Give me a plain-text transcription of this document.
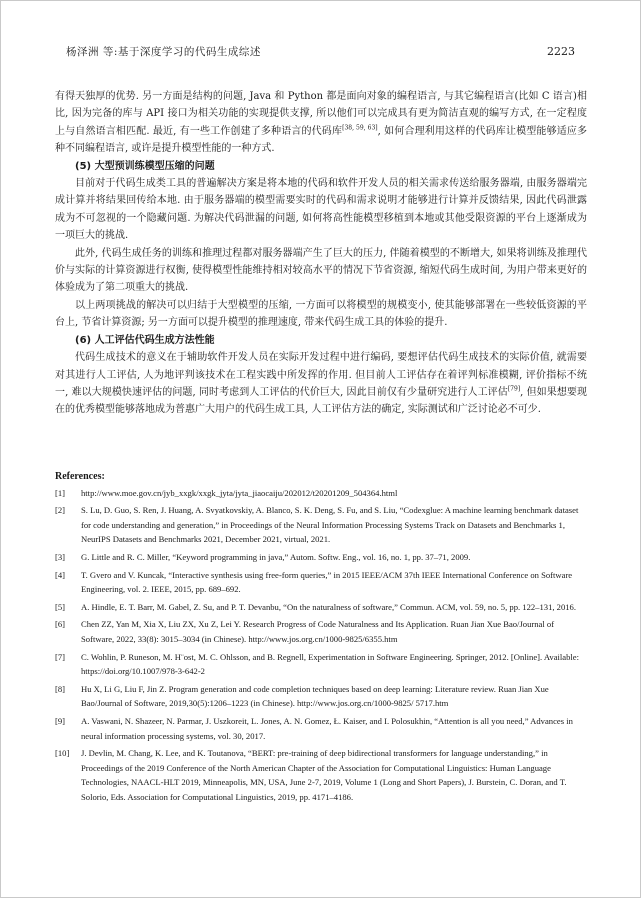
杨泽洲 等:基于深度学习的代码生成综述	2223

有得天独厚的优势. 另一方面是结构的问题, Java 和 Python 都是面向对象的编程语言, 与其它编程语言(比如 C 语言)相比, 因为完备的库与 API 接口为相关功能的实现提供支撑, 所以他们可以完成具有更为简洁直观的编写方式, 在一定程度上与自然语言相匹配. 最近, 有一些工作创建了多种语言的代码库[38, 59, 63], 如何合理利用这样的代码库让模型能够适应多种不同编程语言, 或许是提升模型性能的一种方式.

(5) 大型预训练模型压缩的问题

目前对于代码生成类工具的普遍解决方案是将本地的代码和软件开发人员的相关需求传送给服务器端, 由服务器端完成计算并将结果回传给本地. 由于服务器端的模型需要实时的代码和需求说明才能够进行计算并反馈结果, 因此代码泄露成为不可忽视的一个隐藏问题. 为解决代码泄漏的问题, 如何将高性能模型移植到本地或其他受限资源的平台上逐渐成为一项巨大的挑战.

此外, 代码生成任务的训练和推理过程都对服务器端产生了巨大的压力, 伴随着模型的不断增大, 如果将训练及推理代价与实际的计算资源进行权衡, 使得模型性能维持相对较高水平的情况下节省资源, 缩短代码生成时间, 为用户带来更好的体验成为了第二项重大的挑战.

以上两项挑战的解决可以归结于大型模型的压缩, 一方面可以将模型的规模变小, 使其能够部署在一些较低资源的平台上, 节省计算资源; 另一方面可以提升模型的推理速度, 带来代码生成工具的体验的提升.

(6) 人工评估代码生成方法性能

代码生成技术的意义在于辅助软件开发人员在实际开发过程中进行编码, 要想评估代码生成技术的实际价值, 就需要对其进行人工评估, 人为地评判该技术在工程实践中所发挥的作用. 但目前人工评估存在着评判标准模糊, 评价指标不统一, 难以大规模快速评估的问题, 同时考虑到人工评估的代价巨大, 因此目前仅有少量研究进行人工评估[79], 但如果想要现在的优秀模型能够落地成为普惠广大用户的代码生成工具, 人工评估方法的确定, 实际测试和广泛讨论必不可少.

References:

[1]	http://www.moe.gov.cn/jyb_xxgk/xxgk_jyta/jyta_jiaocaiju/202012/t20201209_504364.html
[2]	S. Lu, D. Guo, S. Ren, J. Huang, A. Svyatkovskiy, A. Blanco, S. K. Deng, S. Fu, and S. Liu, “Codexglue: A machine learning benchmark dataset for code understanding and generation,” in Proceedings of the Neural Information Processing Systems Track on Datasets and Benchmarks 1, NeurIPS Datasets and Benchmarks 2021, December 2021, virtual, 2021.
[3]	G. Little and R. C. Miller, “Keyword programming in java,” Autom. Softw. Eng., vol. 16, no. 1, pp. 37–71, 2009.
[4]	T. Gvero and V. Kuncak, “Interactive synthesis using free-form queries,” in 2015 IEEE/ACM 37th IEEE International Conference on Software Engineering, vol. 2. IEEE, 2015, pp. 689–692.
[5]	A. Hindle, E. T. Barr, M. Gabel, Z. Su, and P. T. Devanbu, “On the naturalness of software,” Commun. ACM, vol. 59, no. 5, pp. 122–131, 2016.
[6]	Chen ZZ, Yan M, Xia X, Liu ZX, Xu Z, Lei Y. Research Progress of Code Naturalness and Its Application. Ruan Jian Xue Bao/Journal of Software, 2022, 33(8): 3015–3034 (in Chinese). http://www.jos.org.cn/1000-9825/6355.htm
[7]	C. Wohlin, P. Runeson, M. H¨ost, M. C. Ohlsson, and B. Regnell, Experimentation in Software Engineering. Springer, 2012. [Online]. Available: https://doi.org/10.1007/978-3-642-2
[8]	Hu X, Li G, Liu F, Jin Z. Program generation and code completion techniques based on deep learning: Literature review. Ruan Jian Xue Bao/Journal of Software, 2019,30(5):1206–1223 (in Chinese). http://www.jos.org.cn/1000-9825/ 5717.htm
[9]	A. Vaswani, N. Shazeer, N. Parmar, J. Uszkoreit, L. Jones, A. N. Gomez, Ł. Kaiser, and I. Polosukhin, “Attention is all you need,” Advances in neural information processing systems, vol. 30, 2017.
[10]	J. Devlin, M. Chang, K. Lee, and K. Toutanova, “BERT: pre-training of deep bidirectional transformers for language understanding,” in Proceedings of the 2019 Conference of the North American Chapter of the Association for Computational Linguistics: Human Language Technologies, NAACL-HLT 2019, Minneapolis, MN, USA, June 2-7, 2019, Volume 1 (Long and Short Papers), J. Burstein, C. Doran, and T. Solorio, Eds. Association for Computational Linguistics, 2019, pp. 4171–4186.
